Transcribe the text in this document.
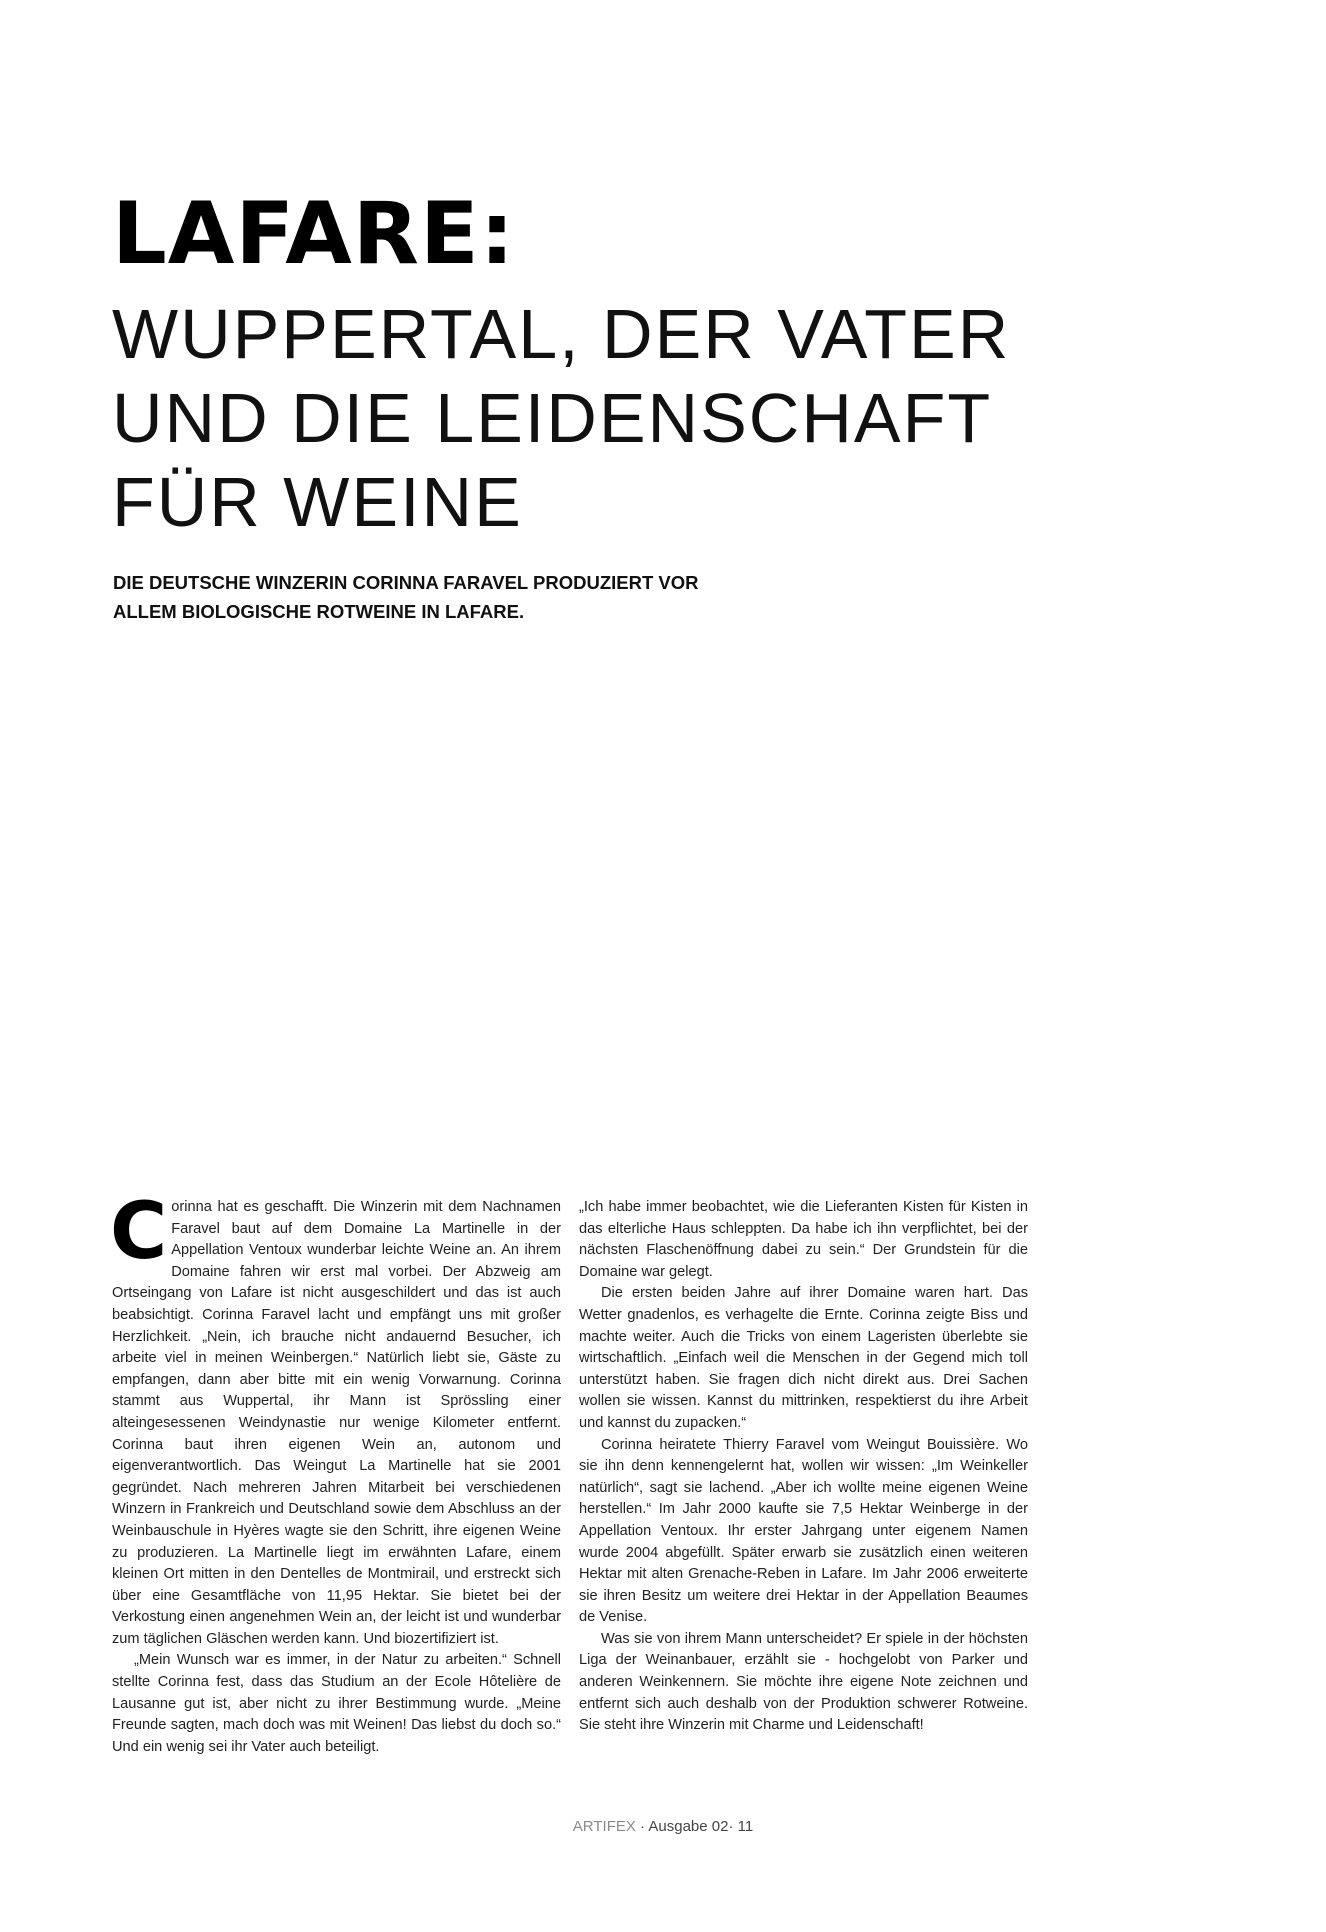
LAFARE:
WUPPERTAL, DER VATER
UND DIE LEIDENSCHAFT
FÜR WEINE

DIE DEUTSCHE WINZERIN CORINNA FARAVEL PRODUZIERT VOR
ALLEM BIOLOGISCHE ROTWEINE IN LAFARE.

Corinna hat es geschafft. Die Winzerin mit dem Nachnamen Faravel baut auf dem Domaine La Martinelle in der Appellation Ventoux wunderbar leichte Weine an. An ihrem Domaine fahren wir erst mal vorbei. Der Abzweig am Ortseingang von Lafare ist nicht ausgeschildert und das ist auch beabsichtigt. Corinna Faravel lacht und empfängt uns mit großer Herzlichkeit. „Nein, ich brauche nicht andauernd Besucher, ich arbeite viel in meinen Weinbergen.“ Natürlich liebt sie, Gäste zu empfangen, dann aber bitte mit ein wenig Vorwarnung. Corinna stammt aus Wuppertal, ihr Mann ist Sprössling einer alteingesessenen Weindynastie nur wenige Kilometer entfernt. Corinna baut ihren eigenen Wein an, autonom und eigenverantwortlich. Das Weingut La Martinelle hat sie 2001 gegründet. Nach mehreren Jahren Mitarbeit bei verschiedenen Winzern in Frankreich und Deutschland sowie dem Abschluss an der Weinbauschule in Hyères wagte sie den Schritt, ihre eigenen Weine zu produzieren. La Martinelle liegt im erwähnten Lafare, einem kleinen Ort mitten in den Dentelles de Montmirail, und erstreckt sich über eine Gesamtfläche von 11,95 Hektar. Sie bietet bei der Verkostung einen angenehmen Wein an, der leicht ist und wunderbar zum täglichen Gläschen werden kann. Und biozertifiziert ist.

„Mein Wunsch war es immer, in der Natur zu arbeiten.“ Schnell stellte Corinna fest, dass das Studium an der Ecole Hôtelière de Lausanne gut ist, aber nicht zu ihrer Bestimmung wurde. „Meine Freunde sagten, mach doch was mit Weinen! Das liebst du doch so.“ Und ein wenig sei ihr Vater auch beteiligt.

„Ich habe immer beobachtet, wie die Lieferanten Kisten für Kisten in das elterliche Haus schleppten. Da habe ich ihn verpflichtet, bei der nächsten Flaschenöffnung dabei zu sein.“ Der Grundstein für die Domaine war gelegt.

Die ersten beiden Jahre auf ihrer Domaine waren hart. Das Wetter gnadenlos, es verhagelte die Ernte. Corinna zeigte Biss und machte weiter. Auch die Tricks von einem Lageristen überlebte sie wirtschaftlich. „Einfach weil die Menschen in der Gegend mich toll unterstützt haben. Sie fragen dich nicht direkt aus. Drei Sachen wollen sie wissen. Kannst du mittrinken, respektierst du ihre Arbeit und kannst du zupacken.“

Corinna heiratete Thierry Faravel vom Weingut Bouissière. Wo sie ihn denn kennengelernt hat, wollen wir wissen: „Im Weinkeller natürlich“, sagt sie lachend. „Aber ich wollte meine eigenen Weine herstellen.“ Im Jahr 2000 kaufte sie 7,5 Hektar Weinberge in der Appellation Ventoux. Ihr erster Jahrgang unter eigenem Namen wurde 2004 abgefüllt. Später erwarb sie zusätzlich einen weiteren Hektar mit alten Grenache-Reben in Lafare. Im Jahr 2006 erweiterte sie ihren Besitz um weitere drei Hektar in der Appellation Beaumes de Venise.

Was sie von ihrem Mann unterscheidet? Er spiele in der höchsten Liga der Weinanbauer, erzählt sie - hochgelobt von Parker und anderen Weinkennern. Sie möchte ihre eigene Note zeichnen und entfernt sich auch deshalb von der Produktion schwerer Rotweine. Sie steht ihre Winzerin mit Charme und Leidenschaft!

ARTIFEX · Ausgabe 02· 11
